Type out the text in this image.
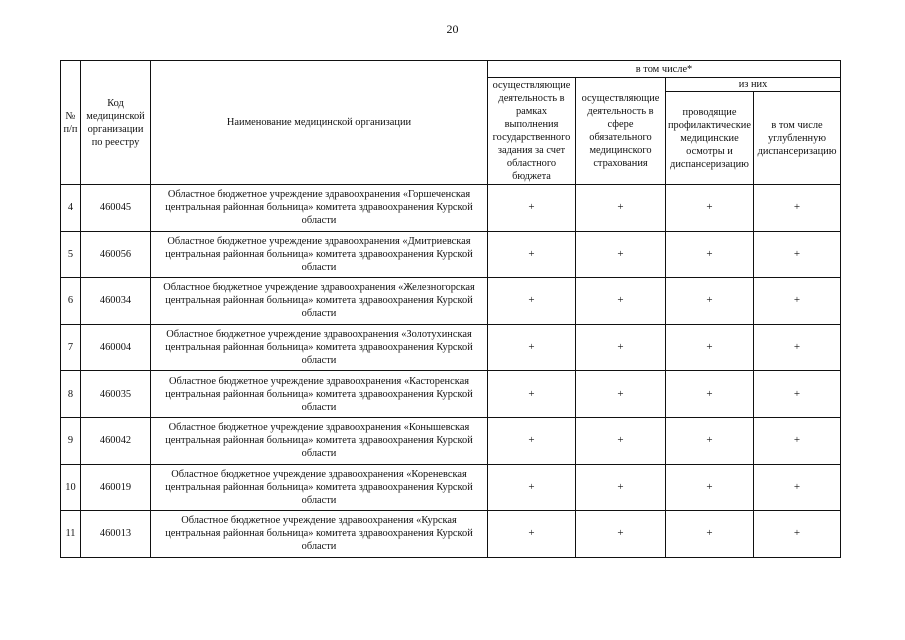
20
№ п/п	Код медицинской организации по реестру	Наименование медицинской организации	в том числе*			
			осуществляющие деятельность в рамках выполнения государственного задания за счет областного бюджета	осуществляющие деятельность в сфере обязательного медицинского страхования	из них	
					проводящие профилактические медицинские осмотры и диспансеризацию	в том числе углубленную диспансеризацию
4	460045	Областное бюджетное учреждение здравоохранения «Горшеченская центральная районная больница» комитета здравоохранения Курской области	+	+	+	+
5	460056	Областное бюджетное учреждение здравоохранения «Дмитриевская центральная районная больница» комитета здравоохранения Курской области	+	+	+	+
6	460034	Областное бюджетное учреждение здравоохранения «Железногорская центральная районная больница» комитета здравоохранения Курской области	+	+	+	+
7	460004	Областное бюджетное учреждение здравоохранения «Золотухинская центральная районная больница» комитета здравоохранения Курской области	+	+	+	+
8	460035	Областное бюджетное учреждение здравоохранения «Касторенская центральная районная больница» комитета здравоохранения Курской области	+	+	+	+
9	460042	Областное бюджетное учреждение здравоохранения «Конышевская центральная районная больница» комитета здравоохранения Курской области	+	+	+	+
10	460019	Областное бюджетное учреждение здравоохранения «Кореневская центральная районная больница» комитета здравоохранения Курской области	+	+	+	+
11	460013	Областное бюджетное учреждение здравоохранения «Курская центральная районная больница» комитета здравоохранения Курской области	+	+	+	+
